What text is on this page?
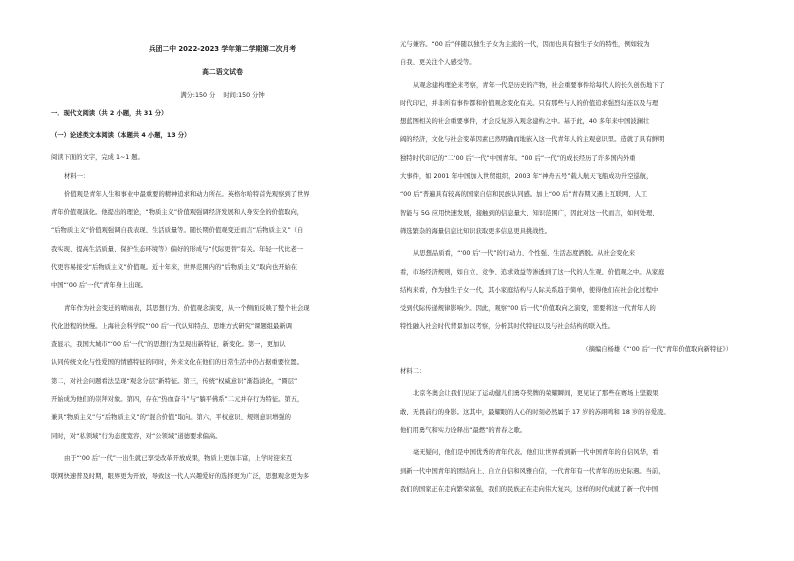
兵团二中 2022-2023 学年第二学期第二次月考
高二语文试卷
满分:150 分    时间:150 分钟
一．现代文阅读（共 2 小题，共 31 分）
（一）论述类文本阅读（本题共 4 小题，13 分）
阅读下面的文字，完成 1~1 题。
材料一：
价值观是青年人生和事业中最重要的精神追求和动力所在。英格尔哈特首先观察到了世界
青年价值观演化。他提出的理论，“物质主义”价值观强调经济发展和人身安全的价值取向，
“后物质主义”价值观强调自我表现、生活质量等。随长期价值观变迁而言“后物质主义”（自
我实现、提高生活质量、保护生态环境等）偏好的形成与“代际更替”有关。年轻一代比老一
代更容易接受“后物质主义”价值观。近十年来，世界范围内的“后物质主义”取向也开始在
中国“‘00 后’一代”青年身上出现。
青年作为社会变迁的晴雨表，其思想行为、价值观念演变，从一个侧面反映了整个社会现
代化进程的快慢。上海社会科学院“‘00 后’一代认知特点、思维方式研究”课题组最新调
查显示，我国大城市“‘00 后’一代”的思想行为呈现出新特征、新变化。第一，更加认
认同传统文化与性爱国的情感特征的同时，外来文化在他们的日常生活中仍占据重要位置。
第二，对社会问题看法呈现“观念分层”新特征。第三，传统“权威意识”渐趋淡化，“圈层”
开始成为他们的崇拜对象。第四，存在“热血奋斗”与“躺平佛系”二元并存行为特征。第五，
兼具“物质主义”与“后物质主义”的“混合价值”取向。第六，平权意识、规则意识增强的
同时，对“私领域”行为态度宽容，对“公领域”道德要求偏高。
由于“‘00 后’一代”一出生就已享受改革开放成果，物质上更加丰富，上学时迎来互
联网快速普及时期，眼界更为开放，导致这一代人兴趣爱好的选择更为广泛，思想观念更为多
元与兼容。“00 后”伴随以独生子女为主流的一代，因而也具有独生子女的特性，例如较为
自我、更关注个人感受等。
从观念建构理论来考察，青年一代是历史的产物，社会重要事件给每代人的长久创伤地下了
时代印记，并非所有事件都和价值观念变化有关。只有那些与人的价值追求强烈勾连以及与理
想蓝图相关的社会重要事件，才会反复涉入观念建构之中。基于此，40 多年来中国波澜壮
阔的经济，文化与社会变革因素已然明确而地嵌入这一代青年人的主观意识里。造就了具有鲜明
独特时代印记的“二‘00 后’一代”中国青年。“00 后”一代”的成长经历了许多国内外重
大事件，如 2001 年中国加入世贸组织，2003 年“神舟五号”载人航天飞船成功升空巡航，
“00 后”普遍具有较高的国家自信和民族认同感。加上“00 后”青春期又遇上互联网、人工
智能与 5G 应用快速发展，接触到的信息量大、知识范围广，因此对这一代而言，如何处理、
筛选繁杂的海量信息比知识获取更多信息更具挑战性。
从思想品质看，“‘00 后’一代”的行动力、个性强、生活态度洒脱。从社会变化来
看，市场经济规则，如自立、竞争、追求效益等渗透到了这一代的人生观、价值观之中。从家庭
结构来看，作为独生子女一代，其小家庭结构与人际关系趋于简单，使得他们在社会化过程中
受到代际传递规律影响少。因此，观察“00 后一代”价值取向之演变，需要将这一代青年人的
特性融入社会时代背景加以考察，分析其时代特征以及与社会结构的联入性。
（摘编自杨雄《“‘00 后’一代”青年价值取向新特征》）
材料二：
北京冬奥会让我们见证了运动健儿们勇夺奖牌的荣耀瞬间，更见证了那些在赛场上坚毅果
敢、无畏前行的身影。这其中，最耀眼的人心的时刻必然属于 17 岁的苏翊鸣和 18 岁的谷爱凌。
他们用勇气和实力诠释出“最燃”的青春之歌。
毫无疑问，他们是中国优秀的青年代表。他们让世界看到新一代中国青年的自信风华，看
到新一代中国青年的团结向上、自立自信和风雅自信，一代青年有一代青年的历史际遇。当前，
我们的国家正在走向繁荣富强，我们的民族正在走向伟大复兴，这样的时代成就了新一代中国
